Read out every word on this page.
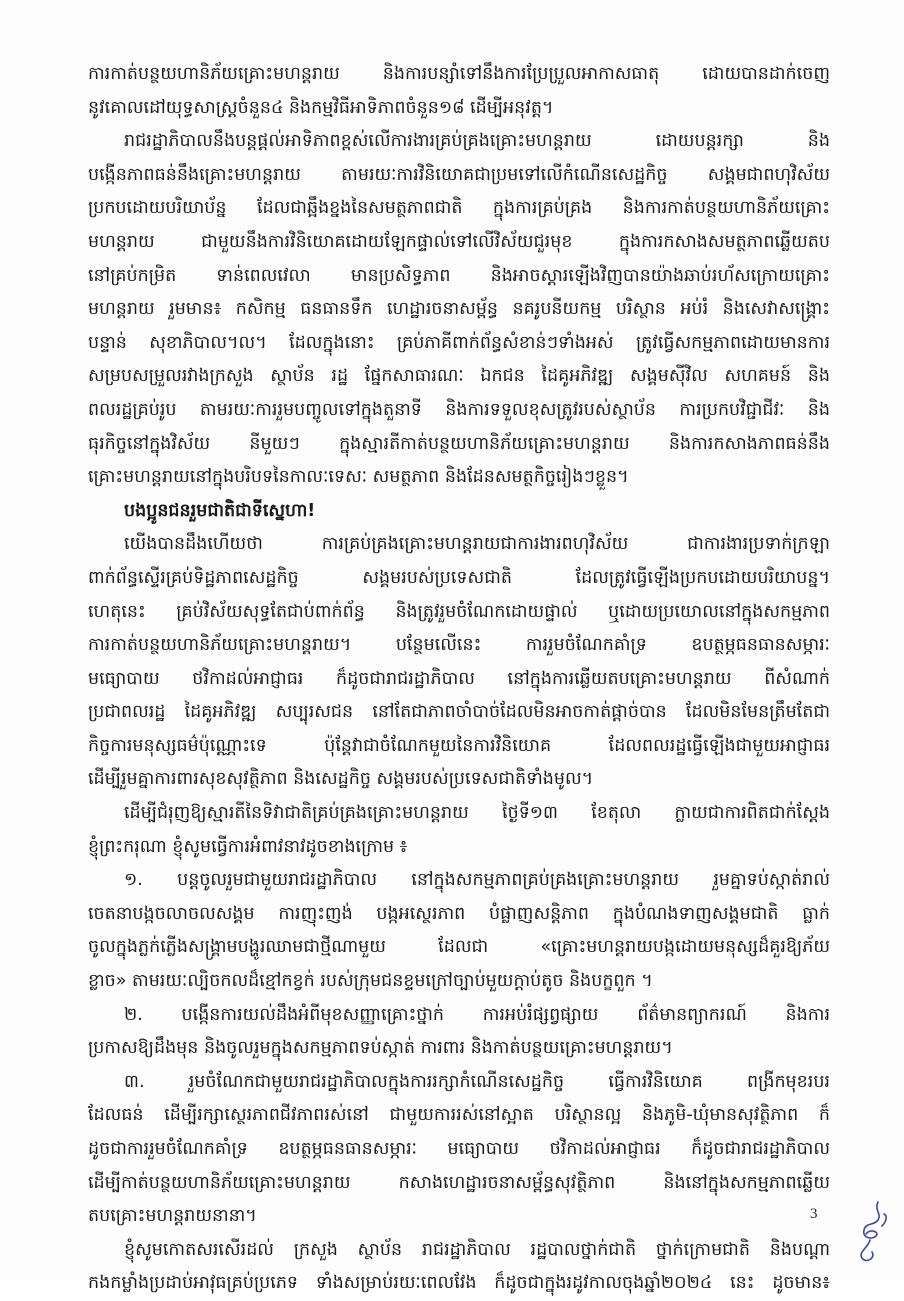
ការកាត់បន្ថយហានិភ័យគ្រោះមហន្តរាយ និងការបន្សាំទៅនឹងការប្រែប្រួលអាកាសធាតុ ដោយបានដាក់ចេញ
នូវគោលដៅយុទ្ធសាស្ត្រចំនួន៤ និងកម្មវិធីអាទិភាពចំនួន១៨ ដើម្បីអនុវត្ត។
រាជរដ្ឋាភិបាលនឹងបន្តផ្តល់អាទិភាពខ្ពស់លើការងារគ្រប់គ្រងគ្រោះមហន្តរាយ ដោយបន្តរក្សា និង
បង្កើនភាពធន់នឹងគ្រោះមហន្តរាយ តាមរយៈការវិនិយោគជាប្រមទៅលើកំណើនសេដ្ឋកិច្ច សង្គមជាពហុវិស័យ
ប្រកបដោយបរិយាប័ន្ន ដែលជាឆ្អឹងខ្នងនៃសមត្ថភាពជាតិ ក្នុងការគ្រប់គ្រង និងការកាត់បន្ថយហានិភ័យគ្រោះ
មហន្តរាយ ជាមួយនឹងការវិនិយោគដោយឡែកផ្ទាល់ទៅលើវិស័យជួរមុខ ក្នុងការកសាងសមត្ថភាពឆ្លើយតប
នៅគ្រប់កម្រិត ទាន់ពេលវេលា មានប្រសិទ្ធភាព និងអាចស្តារឡើងវិញបានយ៉ាងឆាប់រហ័សក្រោយគ្រោះ
មហន្តរាយ រួមមាន៖ កសិកម្ម ធនធានទឹក ហេដ្ឋារចនាសម្ព័ន្ធ នគរូបនីយកម្ម បរិស្ថាន អប់រំ និងសេវាសង្គ្រោះ
បន្ទាន់ សុខាភិបាល។ល។ ដែលក្នុងនោះ គ្រប់ភាគីពាក់ព័ន្ធសំខាន់ៗទាំងអស់ ត្រូវធ្វើសកម្មភាពដោយមានការ
សម្របសម្រួលរវាងក្រសួង ស្ថាប័ន រដ្ឋ ផ្នែកសាធារណៈ ឯកជន ដៃគូអភិវឌ្ឍ សង្គមស៊ីវិល សហគមន៍ និង
ពលរដ្ឋគ្រប់រូប តាមរយៈការរួមបញ្ចូលទៅក្នុងតួនាទី និងការទទួលខុសត្រូវរបស់ស្ថាប័ន ការប្រកបវិជ្ជាជីវៈ និង
ធុរកិច្ចនៅក្នុងវិស័យ នីមួយៗ ក្នុងស្មារតីកាត់បន្ថយហានិភ័យគ្រោះមហន្តរាយ និងការកសាងភាពធន់នឹង
គ្រោះមហន្តរាយនៅក្នុងបរិបទនៃកាលៈទេសៈ សមត្ថភាព និងដែនសមត្ថកិច្ចរៀងៗខ្លួន។
បងប្អូនជនរួមជាតិជាទីស្នេហា!
យើងបានដឹងហើយថា ការគ្រប់គ្រងគ្រោះមហន្តរាយជាការងារពហុវិស័យ ជាការងារប្រទាក់ក្រឡា
ពាក់ព័ន្ធស្ទើរគ្រប់ទិដ្ឋភាពសេដ្ឋកិច្ច សង្គមរបស់ប្រទេសជាតិ ដែលត្រូវធ្វើឡើងប្រកបដោយបរិយាបន្ន។
ហេតុនេះ គ្រប់វិស័យសុទ្ធតែជាប់ពាក់ព័ន្ធ និងត្រូវរួមចំណែកដោយផ្ទាល់ ឬដោយប្រយោលនៅក្នុងសកម្មភាព
ការកាត់បន្ថយហានិភ័យគ្រោះមហន្តរាយ។ បន្ថែមលើនេះ ការរួមចំណែកគាំទ្រ ឧបត្ថម្ភធនធានសម្ភារៈ
មធ្យោបាយ ថវិកាដល់អាជ្ញាធរ ក៏ដូចជារាជរដ្ឋាភិបាល នៅក្នុងការឆ្លើយតបគ្រោះមហន្តរាយ ពីសំណាក់
ប្រជាពលរដ្ឋ ដៃគូអភិវឌ្ឍ សប្បុរសជន នៅតែជាភាពចាំបាច់ដែលមិនអាចកាត់ផ្តាច់បាន ដែលមិនមែនត្រឹមតែជា
កិច្ចការមនុស្សធម៌ប៉ុណ្ណោះទេ ប៉ុន្តែវាជាចំណែកមួយនៃការវិនិយោគ ដែលពលរដ្ឋធ្វើឡើងជាមួយអាជ្ញាធរ
ដើម្បីរួមគ្នាការពារសុខសុវត្ថិភាព និងសេដ្ឋកិច្ច សង្គមរបស់ប្រទេសជាតិទាំងមូល។
ដើម្បីជំរុញឱ្យស្មារតីនៃទិវាជាតិគ្រប់គ្រងគ្រោះមហន្តរាយ ថ្ងៃទី១៣ ខែតុលា ក្លាយជាការពិតជាក់ស្តែង
ខ្ញុំព្រះករុណា ខ្ញុំសូមធ្វើការអំពាវនាវដូចខាងក្រោម ៖
១. បន្តចូលរួមជាមួយរាជរដ្ឋាភិបាល នៅក្នុងសកម្មភាពគ្រប់គ្រងគ្រោះមហន្តរាយ រួមគ្នាទប់ស្កាត់រាល់
ចេតនាបង្កចលាចលសង្គម ការញុះញង់ បង្កអស្ថេរភាព បំផ្លាញសន្តិភាព ក្នុងបំណងទាញសង្គមជាតិ ធ្លាក់
ចូលក្នុងភ្លក់ភ្លើងសង្គ្រាមបង្ហូរឈាមជាថ្មីណាមួយ ដែលជា «គ្រោះមហន្តរាយបង្កដោយមនុស្សដ៏គួរឱ្យភ័យ
ខ្លាច» តាមរយៈល្បិចកលដ៏ខ្មៅកខ្វក់ របស់ក្រុមជនខ្ទមក្រៅច្បាប់មួយក្តាប់តូច និងបក្ខពួក ។
២. បង្កើនការយល់ដឹងអំពីមុខសញ្ញាគ្រោះថ្នាក់ ការអប់រំផ្សព្វផ្សាយ ព័ត៌មានព្យាករណ៍ និងការ
ប្រកាសឱ្យដឹងមុន និងចូលរួមក្នុងសកម្មភាពទប់ស្កាត់ ការពារ និងកាត់បន្ថយគ្រោះមហន្តរាយ។
៣. រួមចំណែកជាមួយរាជរដ្ឋាភិបាលក្នុងការរក្សាកំណើនសេដ្ឋកិច្ច ធ្វើការវិនិយោគ ពង្រីកមុខរបរ
ដែលធន់ ដើម្បីរក្សាស្ថេរភាពជីវភាពរស់នៅ ជាមួយការរស់នៅស្អាត បរិស្ថានល្អ និងភូមិ-ឃុំមានសុវត្ថិភាព ក៏
ដូចជាការរួមចំណែកគាំទ្រ ឧបត្ថម្ភធនធានសម្ភារៈ មធ្យោបាយ ថវិកាដល់អាជ្ញាធរ ក៏ដូចជារាជរដ្ឋាភិបាល
ដើម្បីកាត់បន្ថយហានិភ័យគ្រោះមហន្តរាយ កសាងហេដ្ឋារចនាសម្ព័ន្ធសុវត្ថិភាព និងនៅក្នុងសកម្មភាពឆ្លើយ
តបគ្រោះមហន្តរាយនានា។
ខ្ញុំសូមកោតសរសើរដល់ ក្រសួង ស្ថាប័ន រាជរដ្ឋាភិបាល រដ្ឋបាលថ្នាក់ជាតិ ថ្នាក់ក្រោមជាតិ និងបណ្តា
កងកម្លាំងប្រដាប់អាវុធគ្រប់ប្រភេទ ទាំងសម្រាប់រយៈពេលវែង ក៏ដូចជាក្នុងរដូវកាលចុងឆ្នាំ២០២៤ នេះ ដូចមាន៖
3
